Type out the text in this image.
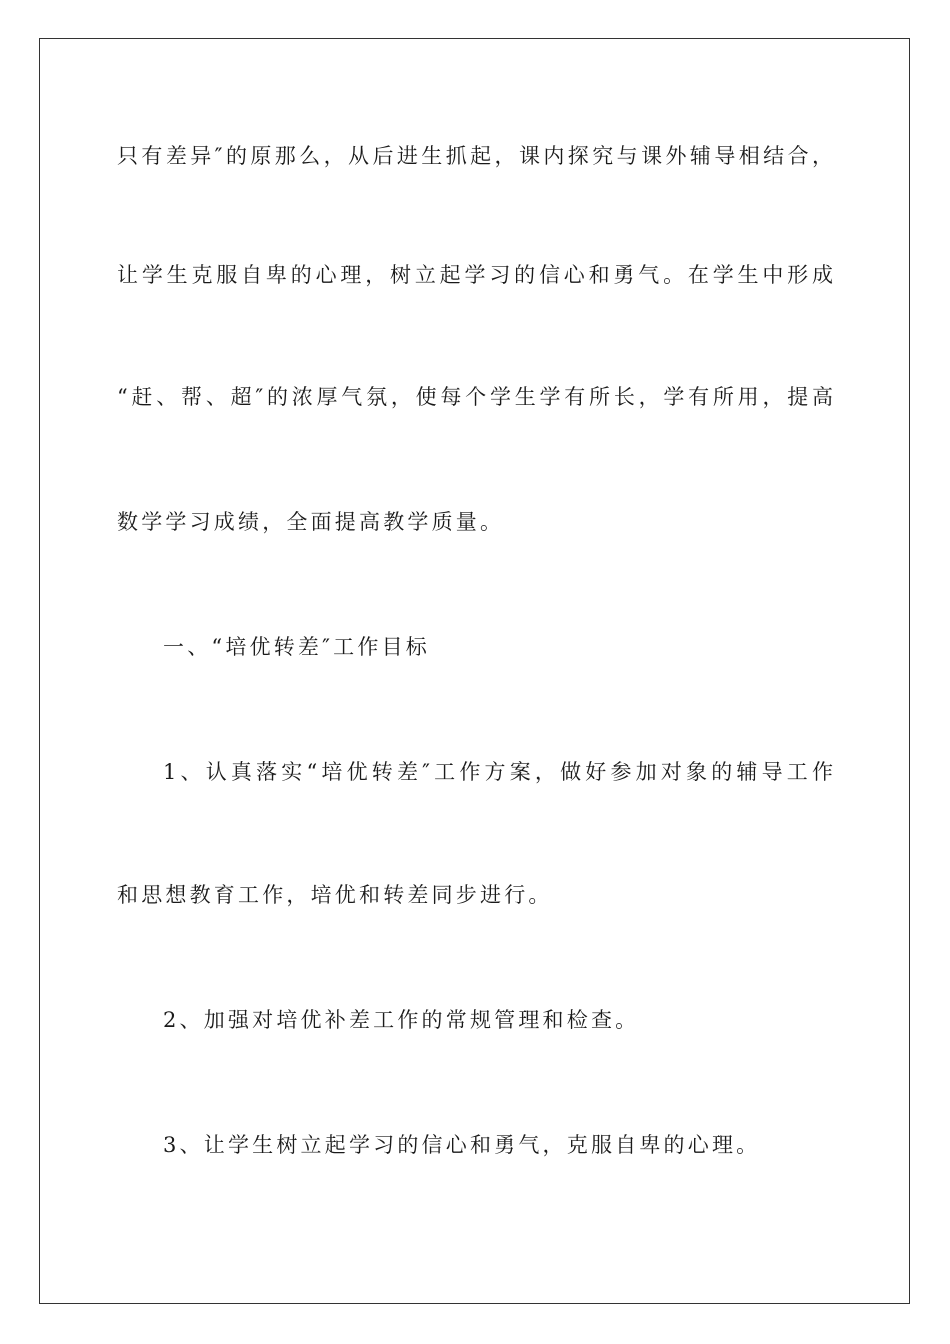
只有差异″的原那么，从后进生抓起，课内探究与课外辅导相结合，
让学生克服自卑的心理，树立起学习的信心和勇气。在学生中形成
“赶、帮、超″的浓厚气氛，使每个学生学有所长，学有所用，提高
数学学习成绩，全面提高教学质量。
一、“培优转差″工作目标
1、认真落实“培优转差″工作方案，做好参加对象的辅导工作
和思想教育工作，培优和转差同步进行。
2、加强对培优补差工作的常规管理和检查。
3、让学生树立起学习的信心和勇气，克服自卑的心理。
